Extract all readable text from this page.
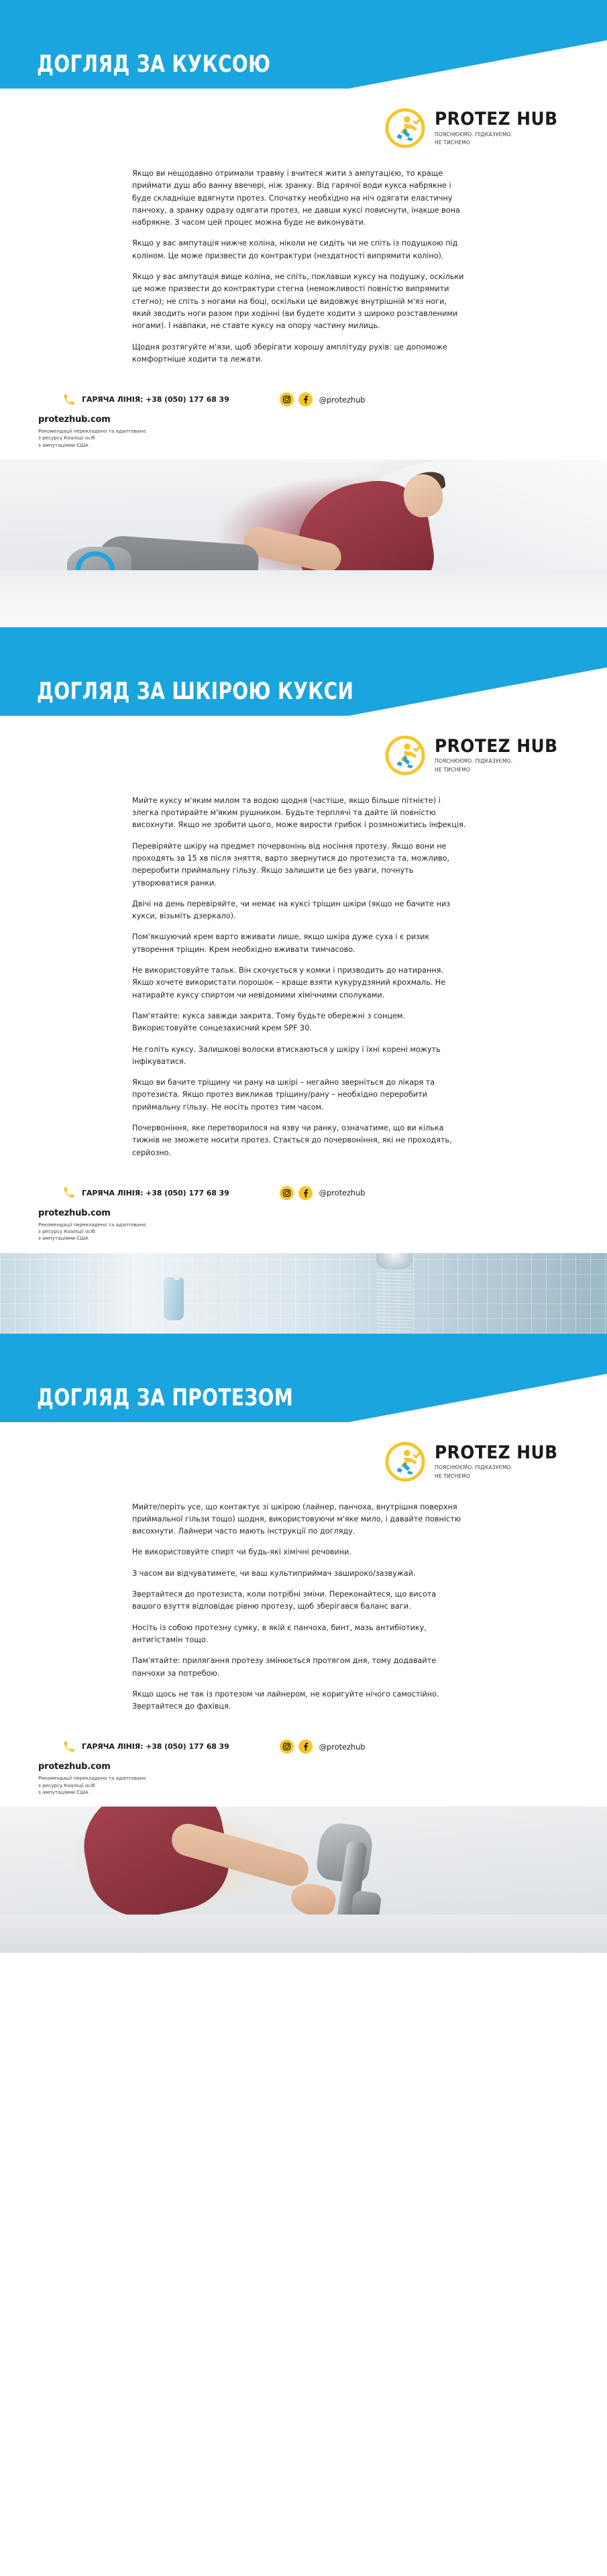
ДОГЛЯД ЗА КУКСОЮ
PROTEZ HUB
ПОЯСНЮЄМО. ПІДКАЗУЄМО.
НЕ ТИСНЕМО

Якщо ви нещодавно отримали травму і вчитеся жити з ампутацією, то краще приймати душ або ванну ввечері, ніж зранку. Від гарячої води кукса набрякне і буде складніше вдягнути протез. Спочатку необхідно на ніч одягати еластичну панчоху, а зранку одразу одягати протез, не давши куксі повиснути, інакше вона набрякне. З часом цей процес можна буде не виконувати.

Якщо у вас ампутація нижче коліна, ніколи не сидіть чи не спіть із подушкою під коліном. Це може призвести до контрактури (нездатності випрямити коліно).

Якщо у вас ампутація вище коліна, не спіть, поклавши куксу на подушку, оскільки це може призвести до контрактури стегна (неможливості повністю випрямити стегно); не спіть з ногами на боці, оскільки це видовжує внутрішній м'яз ноги, який зводить ноги разом при ходінні (ви будете ходити з широко розставленими ногами). І навпаки, не ставте куксу на опору частину милиць.

Щодня розтягуйте м'язи, щоб зберігати хорошу амплітуду рухів: це допоможе комфортніше ходити та лежати.

ГАРЯЧА ЛІНІЯ: +38 (050) 177 68 39	@protezhub
protezhub.com
Рекомендації перекладено та адаптовано
з ресурсу Коаліції осіб
з ампутаціями США
ДОГЛЯД ЗА ШКІРОЮ КУКСИ
PROTEZ HUB
ПОЯСНЮЄМО. ПІДКАЗУЄМО.
НЕ ТИСНЕМО

Мийте куксу м'яким милом та водою щодня (частіше, якщо більше пітнієте) і злегка протирайте м'яким рушником. Будьте терплячі та дайте їй повністю висохнути. Якщо не зробити цього, може вирости грибок і розмножитись інфекція.

Перевіряйте шкіру на предмет почервонінь від носіння протезу. Якщо вони не проходять за 15 хв після зняття, варто звернутися до протезиста та, можливо, переробити приймальну гільзу. Якщо залишити це без уваги, почнуть утворюватися ранки.

Двічі на день перевіряйте, чи немає на куксі тріщин шкіри (якщо не бачите низ кукси, візьміть дзеркало).

Пом'якшуючий крем варто вживати лише, якщо шкіра дуже суха і є ризик утворення тріщин. Крем необхідно вживати тимчасово.

Не використовуйте тальк. Він скочується у комки і призводить до натирання. Якщо хочете використати порошок – краще взяти кукурудзяний крохмаль. Не натирайте куксу спиртом чи невідомими хімічними сполуками.

Пам'ятайте: кукса завжди закрита. Тому будьте обережні з сонцем. Використовуйте сонцезахисний крем SPF 30.

Не голіть куксу. Залишкові волоски втискаються у шкіру і їхні корені можуть інфікуватися.

Якщо ви бачите тріщину чи рану на шкірі – негайно зверніться до лікаря та протезиста. Якщо протез викликав тріщину/рану – необхідно переробити приймальну гільзу. Не носіть протез тим часом.

Почервоніння, яке перетворилося на язву чи ранку, означатиме, що ви кілька тижнів не зможете носити протез. Стається до почервоніння, які не проходять, серйозно.

ГАРЯЧА ЛІНІЯ: +38 (050) 177 68 39	@protezhub
protezhub.com
Рекомендації перекладено та адаптовано
з ресурсу Коаліції осіб
з ампутаціями США
ДОГЛЯД ЗА ПРОТЕЗОМ
PROTEZ HUB
ПОЯСНЮЄМО. ПІДКАЗУЄМО.
НЕ ТИСНЕМО

Мийте/періть усе, що контактує зі шкірою (лайнер, панчоха, внутрішня поверхня приймальної гільзи тощо) щодня, використовуючи м'яке мило, і давайте повністю висохнути. Лайнери часто мають інструкції по догляду.

Не використовуйте спирт чи будь-які хімічні речовини.

З часом ви відчуватимете, чи ваш культиприймач зашироко/зазвужай.

Звертайтеся до протезиста, коли потрібні зміни. Переконайтеся, що висота вашого взуття відповідає рівню протезу, щоб зберігався баланс ваги.

Носіть із собою протезну сумку, в якій є панчоха, бинт, мазь антибіотику, антигістамін тощо.

Пам'ятайте: прилягання протезу змінюється протягом дня, тому додавайте панчохи за потребою.

Якщо щось не так із протезом чи лайнером, не коригуйте нічого самостійно. Звертайтеся до фахівця.

ГАРЯЧА ЛІНІЯ: +38 (050) 177 68 39	@protezhub
protezhub.com
Рекомендації перекладено та адаптовано
з ресурсу Коаліції осіб
з ампутаціями США
